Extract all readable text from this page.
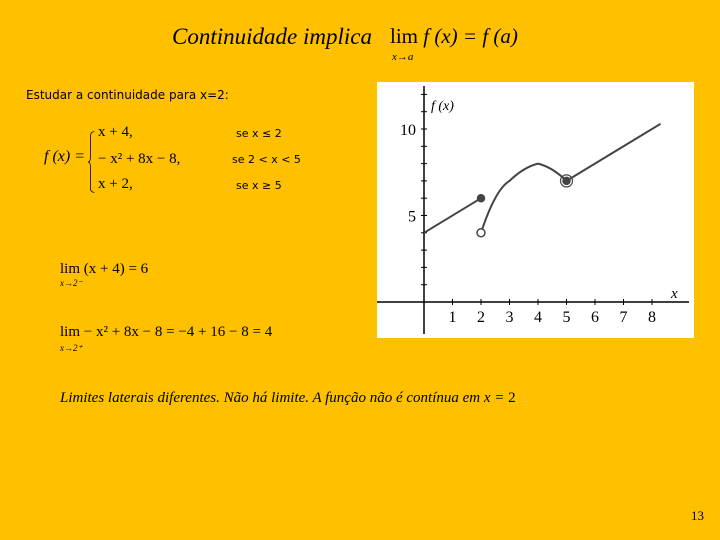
Continuidade implica lim f (x) = f (a)
x→a
Estudar a continuidade para x=2:
f (x) =
x + 4,	se x ≤ 2
− x² + 8x − 8,	se 2 < x < 5
x + 2,	se x ≥ 5
lim (x + 4) = 6
x→2⁻
lim − x² + 8x − 8 = −4 + 16 − 8 = 4
x→2⁺
Limites laterais diferentes. Não há limite. A função não é contínua em x = 2
1 2 3 4 5 6 7 8
10
5
f (x)
x
13
